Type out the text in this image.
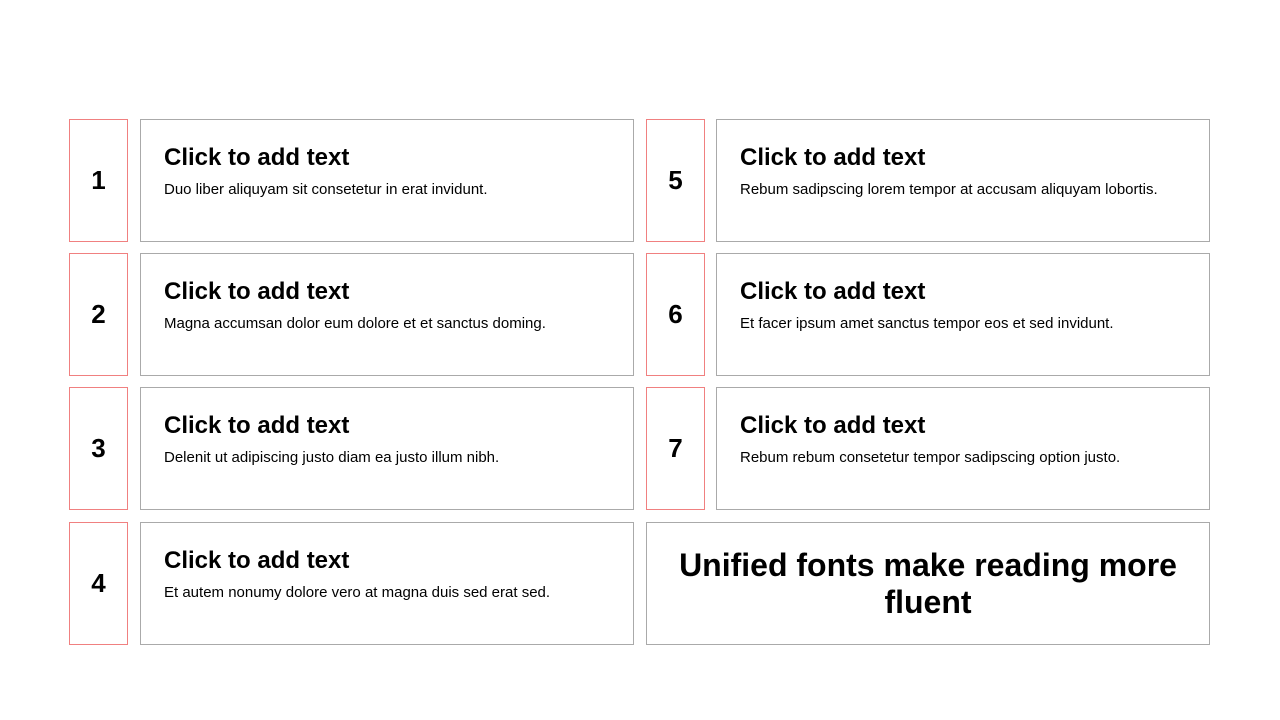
1
Click to add text
Duo liber aliquyam sit consetetur in erat invidunt.
2
Click to add text
Magna accumsan dolor eum dolore et et sanctus doming.
3
Click to add text
Delenit ut adipiscing justo diam ea justo illum nibh.
4
Click to add text
Et autem nonumy dolore vero at magna duis sed erat sed.
5
Click to add text
Rebum sadipscing lorem tempor at accusam aliquyam lobortis.
6
Click to add text
Et facer ipsum amet sanctus tempor eos et sed invidunt.
7
Click to add text
Rebum rebum consetetur tempor sadipscing option justo.
Unified fonts make reading more fluent
